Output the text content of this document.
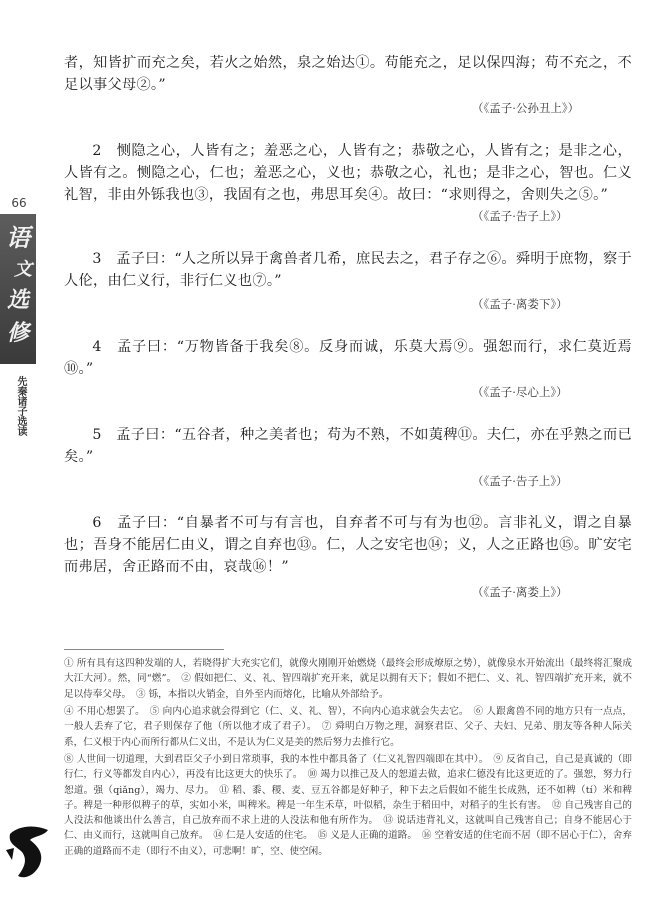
66
语
文
选
修
先秦诸子选读
者，知皆扩而充之矣，若火之始然，泉之始达①。苟能充之，足以保四海；苟不充之，不足以事父母②。”
（《孟子·公孙丑上》）
2　恻隐之心，人皆有之；羞恶之心，人皆有之；恭敬之心，人皆有之；是非之心，人皆有之。恻隐之心，仁也；羞恶之心，义也；恭敬之心，礼也；是非之心，智也。仁义礼智，非由外铄我也③，我固有之也，弗思耳矣④。故曰：“求则得之，舍则失之⑤。”
（《孟子·告子上》）
3　孟子曰：“人之所以异于禽兽者几希，庶民去之，君子存之⑥。舜明于庶物，察于人伦，由仁义行，非行仁义也⑦。”
（《孟子·离娄下》）
4　孟子曰：“万物皆备于我矣⑧。反身而诚，乐莫大焉⑨。强恕而行，求仁莫近焉⑩。”
（《孟子·尽心上》）
5　孟子曰：“五谷者，种之美者也；苟为不熟，不如荑稗⑪。夫仁，亦在乎熟之而已矣。”
（《孟子·告子上》）
6　孟子曰：“自暴者不可与有言也，自弃者不可与有为也⑫。言非礼义，谓之自暴也；吾身不能居仁由义，谓之自弃也⑬。仁，人之安宅也⑭；义，人之正路也⑮。旷安宅而弗居，舍正路而不由，哀哉⑯！”
（《孟子·离娄上》）
① 所有具有这四种发端的人，若晓得扩大充实它们，就像火刚刚开始燃烧（最终会形成燎原之势），就像泉水开始流出（最终将汇聚成大江大河）。然，同“燃”。　② 假如把仁、义、礼、智四端扩充开来，就足以拥有天下；假如不把仁、义、礼、智四端扩充开来，就不足以侍奉父母。　③ 铄，本指以火销金，自外至内而熔化，比喻从外部给予。
④ 不用心想罢了。　⑤ 向内心追求就会得到它（仁、义、礼、智），不向内心追求就会失去它。　⑥ 人跟禽兽不同的地方只有一点点，一般人丢弃了它，君子则保存了他（所以他才成了君子）。　⑦ 舜明白万物之理，洞察君臣、父子、夫妇、兄弟、朋友等各种人际关系，仁义根于内心而所行都从仁义出，不是认为仁义是美的然后努力去推行它。
⑧ 人世间一切道理，大到君臣父子小到日常琐事，我的本性中都具备了（仁义礼智四端即在其中）。　⑨ 反省自己，自己是真诚的（即行仁，行义等都发自内心），再没有比这更大的快乐了。　⑩ 竭力以推己及人的恕道去做，追求仁德没有比这更近的了。强恕，努力行恕道。强（qiǎng），竭力、尽力。　⑪ 稻、黍、稷、麦、豆五谷都是好种子，种下去之后假如不能生长成熟，还不如稗（tí）米和稗子。稗是一种形似稗子的草，实如小米，叫稗米。稗是一年生禾草，叶似稻，杂生于稻田中，对稻子的生长有害。　⑫ 自己残害自己的人没法和他谈出什么善言，自己放弃而不求上进的人没法和他有所作为。　⑬ 说话违背礼义，这就叫自己残害自己；自身不能居心于仁、由义而行，这就叫自己放弃。　⑭ 仁是人安适的住宅。　⑮ 义是人正确的道路。　⑯ 空着安适的住宅而不居（即不居心于仁），舍弃正确的道路而不走（即行不由义），可悲啊！旷，空、使空闲。
